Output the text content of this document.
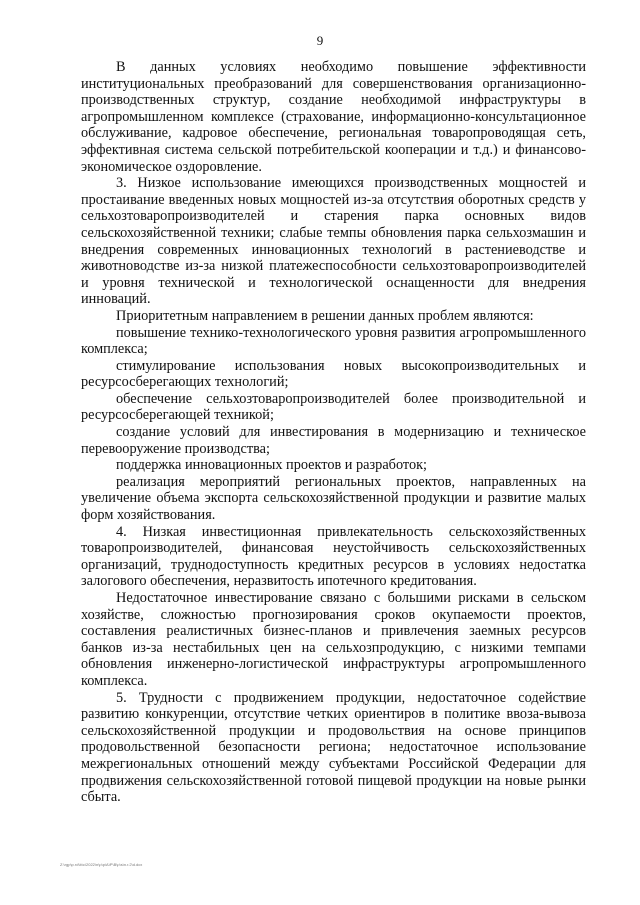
9

В данных условиях необходимо повышение эффективности институциональных преобразований для совершенствования организационно-производственных структур, создание необходимой инфраструктуры в агропромышленном комплексе (страхование, информационно-консультационное обслуживание, кадровое обеспечение, региональная товаропроводящая сеть, эффективная система сельской потребительской кооперации и т.д.) и финансово-экономическое оздоровление.

3. Низкое использование имеющихся производственных мощностей и простаивание введенных новых мощностей из-за отсутствия оборотных средств у сельхозтоваропроизводителей и старения парка основных видов сельскохозяйственной техники; слабые темпы обновления парка сельхозмашин и внедрения современных инновационных технологий в растениеводстве и животноводстве из-за низкой платежеспособности сельхозтоваропроизводителей и уровня технической и технологической оснащенности для внедрения инноваций.

Приоритетным направлением в решении данных проблем являются:

повышение технико-технологического уровня развития агропромышленного комплекса;

стимулирование использования новых высокопроизводительных и ресурсосберегающих технологий;

обеспечение сельхозтоваропроизводителей более производительной и ресурсосберегающей техникой;

создание условий для инвестирования в модернизацию и техническое перевооружение производства;

поддержка инновационных проектов и разработок;

реализация мероприятий региональных проектов, направленных на увеличение объема экспорта сельскохозяйственной продукции и развитие малых форм хозяйствования.

4. Низкая инвестиционная привлекательность сельскохозяйственных товаропроизводителей, финансовая неустойчивость сельскохозяйственных организаций, труднодоступность кредитных ресурсов в условиях недостатка залогового обеспечения, неразвитость ипотечного кредитования.

Недостаточное инвестирование связано с большими рисками в сельском хозяйстве, сложностью прогнозирования сроков окупаемости проектов, составления реалистичных бизнес-планов и привлечения заемных ресурсов банков из-за нестабильных цен на сельхозпродукцию, с низкими темпами обновления инженерно-логистической инфраструктуры агропромышленного комплекса.

5. Трудности с продвижением продукции, недостаточное содействие развитию конкуренции, отсутствие четких ориентиров в политике ввоза-вывоза сельскохозяйственной продукции и продовольствия на основе принципов продовольственной безопасности региона; недостаточное использование межрегиональных отношений между субъектами Российской Федерации для продвижения сельскохозяйственной готовой пищевой продукции на новые рынки сбыта.

Z:\rgp\p.rd\b\c\2022\n\p\p\A\P\B\p\s\n.r.2\d.dcx
